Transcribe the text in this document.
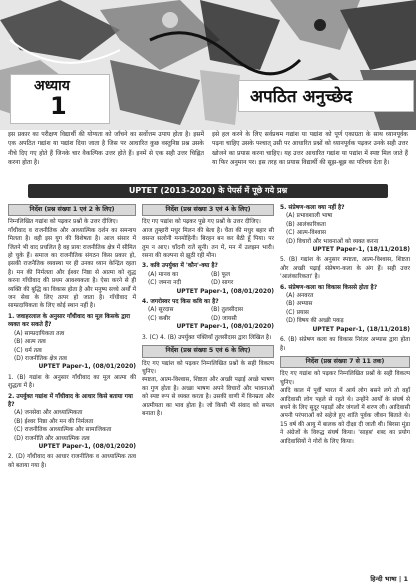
अध्याय
1	अपठित अनुच्छेद
इस प्रकार का परीक्षण विद्यार्थी की योग्यता को जाँचने का सर्वोत्तम उपाय होता है। इसमें एक अपठित गद्यांश या पद्यांश दिया जाता है जिस पर आधारित कुछ वस्तुनिष्ठ प्रश्न उसके नीचे दिए गए होते हैं जिनके चार वैकल्पिक उत्तर होते हैं। इनमें से एक सही उत्तर चिह्नित करना होता है।
इसे हल करने के लिए सर्वप्रथम गद्यांश या पद्यांश को पूर्ण एकाग्रता के साथ ध्यानपूर्वक पढ़ना चाहिए उसके पश्चात् उसी पर आधारित प्रश्नों को ध्यानपूर्वक पढ़कर उनके सही उत्तर खोजने का प्रयास करना चाहिए। यह उत्तर आधारित गद्यांश या पद्यांश में स्पष्ट मिल जाते हैं या फिर अनुमान पर। इस तरह का प्रयास विद्यार्थी की सूझ-बूझ का परिचय देता है।
UPTET (2013-2020) के पेपर्स में पूछे गये प्रश्न
निर्देश (प्रश्न संख्या 1 एवं 2 के लिए)
निम्नलिखित गद्यांश को पढ़कर प्रश्नों के उत्तर दीजिए।
गाँधीवाद व राजनीतिक और आध्यात्मिक दर्शन का समन्वय मिलता है। वही इस युग की विशेषता है। आज संसार में जितने भी वाद प्रचलित है वह प्रायः राजनीतिक क्षेत्र में सीमित हो चुके हैं। समाज का राजनीतिक संगठन किस प्रकार हो, इसकी राजनैतिक व्यवस्था पर ही उनका ध्यान केन्द्रित रहता है। मन की निर्मलता और ईश्वर निष्ठा से आत्मा को शुद्ध करना गाँधीवाद की प्रथम आवश्यकता है। ऐसा करने से ही व्यक्ति की बुद्धि का विकास होता है और मनुष्य सच्चे अर्थों में जन सेवा के लिए तत्पर हो जाता है। गाँधीवाद में साम्प्रदायिकता के लिए कोई स्थान नहीं है।
1. जवाहरलाल के अनुसार गाँधीवाद का मूल किसके द्वारा व्यक्त कर सकते हैं?
(A) साम्प्रदायिकता तत्व
(B) आत्म तत्व
(C) धर्म तत्व
(D) राजनीतिक क्षेत्र तत्व
UPTET Paper-1, (08/01/2020)
1. (B) गद्यांश के अनुसार गाँधीवाद का मूल आत्मा की शुद्धता में है।
2. उपर्युक्त गद्यांश में गाँधीवाद के आधार किसे बताया गया है?
(A) जनसेवा और आध्यात्मिकता
(B) ईश्वर निष्ठा और मन की निर्मलता
(C) राजनीतिक आध्यात्मिक और सामाजिकता
(D) राजनीति और आध्यात्मिक तत्व
UPTET Paper-1, (08/01/2020)
2. (D) गाँधीवाद का आधार राजनीतिक व आध्यात्मिक तत्व को बताया गया है।
निर्देश (प्रश्न संख्या 3 एवं 4 के लिए)
दिए गए पद्यांश को पढ़कर पूछे गए प्रश्नों के उत्तर दीजिए।
आज तुम्हारी मधुर मिलन की बेला है। चैता की मधुर बहार सी वसन्त सलोनी मनमोहिनी। बिरहन बन कर बैठी हूँ पिया। पर तुम न आए। चाँदनी रातें सूनी। तन में, मन में उलझन भारी। रसना की कल्पना से झूठी रही मौन।
3. कवि उपर्युक्त में 'कौन'-क्या है?
(A) मानव का	(B) फूल
(C) जमना नदी	(D) सागर
UPTET Paper-1, (08/01/2020)
4. जगरोस्वर पद किस कवि का है?
(A) सूरदास	(B) तुलसीदास
(C) कबीर	(D) जायसी
UPTET Paper-1, (08/01/2020)
3. (C) 4. (B) उपर्युक्त पंक्तियाँ तुलसीदास द्वारा लिखित है।
निर्देश (प्रश्न संख्या 5 एवं 6 के लिए)
दिए गए पद्यांश को पढ़कर निम्नलिखित प्रश्नों के सही विकल्प चुनिए।
स्पष्टता, आत्म-विश्वास, शिष्टता और अच्छी पढ़ाई अच्छे भाषण का गुण होता है। अच्छा भाषण अपने विचारों और भावनाओं को स्पष्ट रूप से व्यक्त करता है। उसकी वाणी में विनम्रता और आत्मीयता का भाव होता है। जो किसी भी संवाद को सफल बनाता है।
5. संप्रेषण-कला क्या नहीं है?
(A) प्रभावशाली भाषा
(B) आलंकारिकता
(C) आत्म-विश्वास
(D) विचारों और भावनाओं को व्यक्त करना
UPTET Paper-1, (18/11/2018)
5. (B) गद्यांश के अनुसार स्पष्टता, आत्म-विश्वास, शिष्टता और अच्छी पढ़ाई संप्रेषण-कला के अंग हैं। सही उत्तर 'आलंकारिकता' है।
6. संप्रेषण-कला का विकास किससे होता है?
(A) अनवरत
(B) अभ्यास
(C) प्रयास
(D) विषय की अच्छी पकड़
UPTET Paper-1, (18/11/2018)
6. (B) संप्रेषण कला का विकास निरंतर अभ्यास द्वारा होता है।
निर्देश (प्रश्न संख्या 7 से 11 तक)
दिए गए गद्यांश को पढ़कर निम्नलिखित प्रश्नों के सही विकल्प चुनिए।
आदि काल में पूर्वी भारत में आर्य लोग बसने लगे तो वहाँ आदिवासी लोग पहले से रहते थे। उन्होंने आर्यों के संघर्ष से बचने के लिए सुदूर पहाड़ों और जंगलों में शरण ली। आदिवासी अपनी परंपराओं को सहेजे हुए शांति पूर्वक जीवन बिताते थे। 15 वर्ष की आयु में बालक को दीक्षा दी जाती थी। बिरसा मुंडा ने अंग्रेजों के विरुद्ध संघर्ष किया। 'साहब' शब्द का प्रयोग आदिवासियों ने गोरों के लिए किया।
हिन्दी भाषा | 1
